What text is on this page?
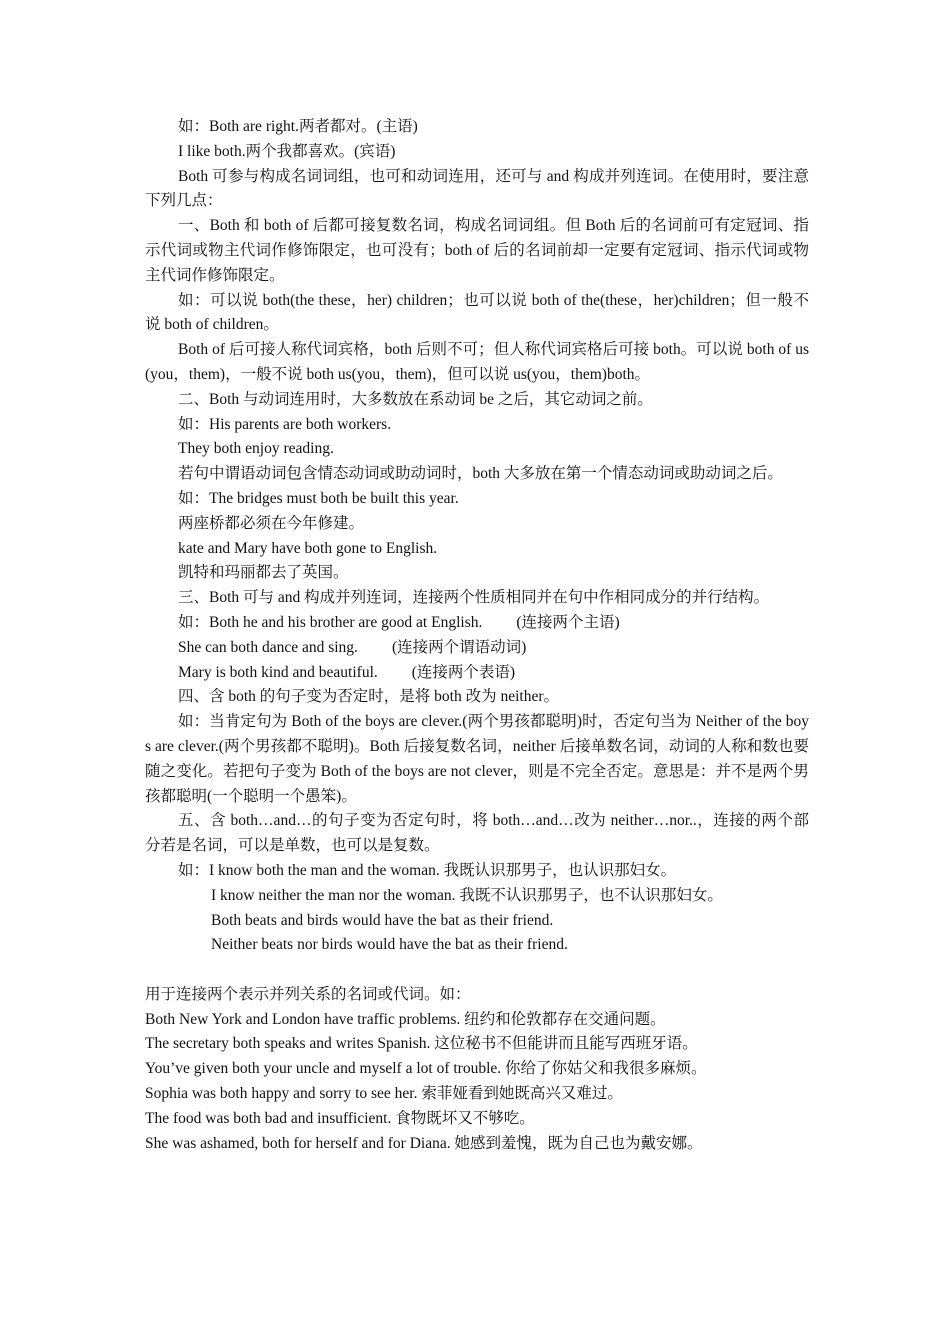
如：Both are right.两者都对。(主语)

I like both.两个我都喜欢。(宾语)

Both 可参与构成名词词组，也可和动词连用，还可与 and 构成并列连词。在使用时，要注意下列几点：

一、Both 和 both of 后都可接复数名词，构成名词词组。但 Both 后的名词前可有定冠词、指示代词或物主代词作修饰限定，也可没有；both of 后的名词前却一定要有定冠词、指示代词或物主代词作修饰限定。

如：可以说 both(the these，her) children；也可以说 both of the(these，her)children；但一般不说 both of children。

Both of 后可接人称代词宾格，both 后则不可；但人称代词宾格后可接 both。可以说 both of us(you，them)，一般不说 both us(you，them)，但可以说 us(you，them)both。

二、Both 与动词连用时，大多数放在系动词 be 之后，其它动词之前。

如：His parents are both workers.

They both enjoy reading.

若句中谓语动词包含情态动词或助动词时，both 大多放在第一个情态动词或助动词之后。

如：The bridges must both be built this year.

两座桥都必须在今年修建。

kate and Mary have both gone to English.

凯特和玛丽都去了英国。

三、Both 可与 and 构成并列连词，连接两个性质相同并在句中作相同成分的并行结构。

如：Both he and his brother are good at English. (连接两个主语)

She can both dance and sing. (连接两个谓语动词)

Mary is both kind and beautiful. (连接两个表语)

四、含 both 的句子变为否定时，是将 both 改为 neither。

如：当肯定句为 Both of the boys are clever.(两个男孩都聪明)时，否定句当为 Neither of the boys are clever.(两个男孩都不聪明)。Both 后接复数名词，neither 后接单数名词，动词的人称和数也要随之变化。若把句子变为 Both of the boys are not clever，则是不完全否定。意思是：并不是两个男孩都聪明(一个聪明一个愚笨)。

五、含 both…and…的句子变为否定句时，将 both…and…改为 neither…nor..，连接的两个部分若是名词，可以是单数，也可以是复数。

如：I know both the man and the woman. 我既认识那男子，也认识那妇女。

I know neither the man nor the woman. 我既不认识那男子，也不认识那妇女。

Both beats and birds would have the bat as their friend.

Neither beats nor birds would have the bat as their friend.

用于连接两个表示并列关系的名词或代词。如：

Both New York and London have traffic problems. 纽约和伦敦都存在交通问题。

The secretary both speaks and writes Spanish. 这位秘书不但能讲而且能写西班牙语。

You’ve given both your uncle and myself a lot of trouble. 你给了你姑父和我很多麻烦。

Sophia was both happy and sorry to see her. 索菲娅看到她既高兴又难过。

The food was both bad and insufficient. 食物既坏又不够吃。

She was ashamed, both for herself and for Diana. 她感到羞愧，既为自己也为戴安娜。
